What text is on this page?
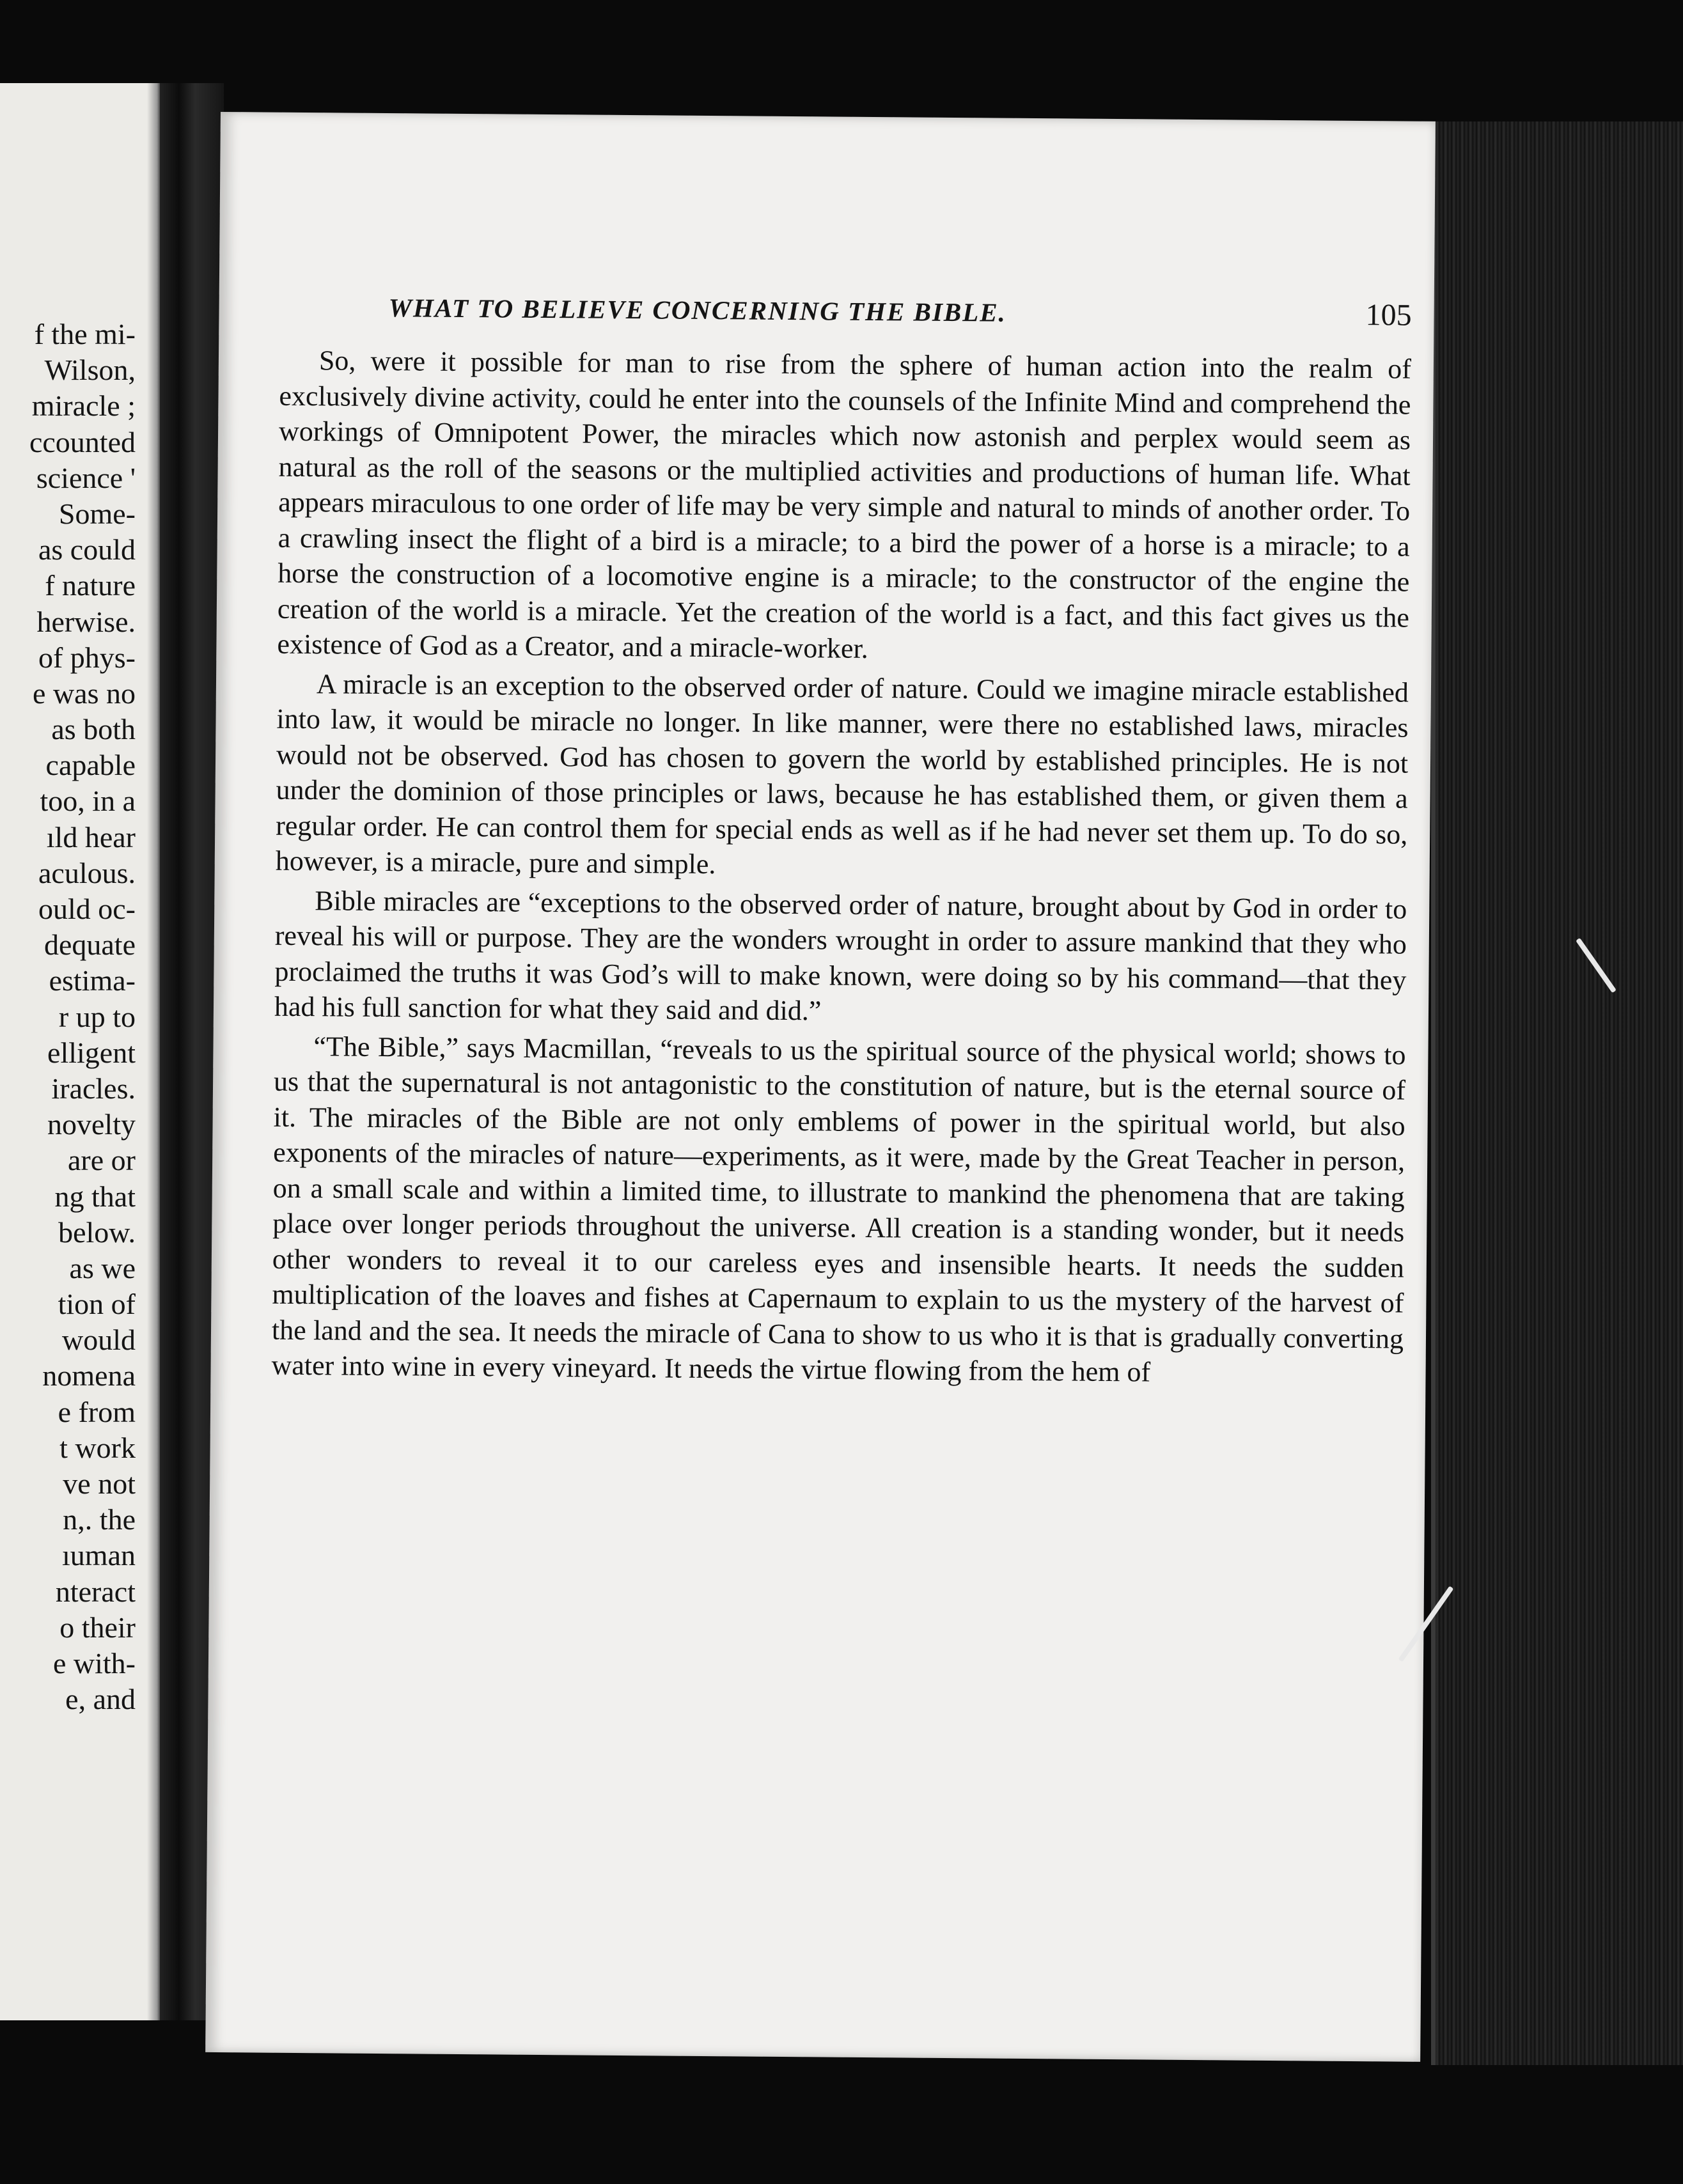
f the mi-
Wilson,
miracle ;
ccounted
science '
Some-
as could
f nature
herwise.
of phys-
e was no
as both
capable
too, in a
ıld hear
aculous.
ould oc-
dequate
estima-
r up to
elligent
iracles.
novelty
are or
ng that
below.
as we
tion of
would
nomena
e from
t work
ve not
n,. the
ıuman
nteract
o their
e with-
e, and
WHAT TO BELIEVE CONCERNING THE BIBLE.	105

So, were it possible for man to rise from the sphere of human action into the realm of exclusively divine activity, could he enter into the counsels of the Infinite Mind and comprehend the workings of Omnipotent Power, the miracles which now astonish and perplex would seem as natural as the roll of the seasons or the multiplied activities and productions of human life. What appears miraculous to one order of life may be very simple and natural to minds of another order. To a crawling insect the flight of a bird is a miracle; to a bird the power of a horse is a miracle; to a horse the construction of a locomotive engine is a miracle; to the constructor of the engine the creation of the world is a miracle. Yet the creation of the world is a fact, and this fact gives us the existence of God as a Creator, and a miracle-worker.

A miracle is an exception to the observed order of nature. Could we imagine miracle established into law, it would be miracle no longer. In like manner, were there no established laws, miracles would not be observed. God has chosen to govern the world by established principles. He is not under the dominion of those principles or laws, because he has established them, or given them a regular order. He can control them for special ends as well as if he had never set them up. To do so, however, is a miracle, pure and simple.

Bible miracles are “exceptions to the observed order of nature, brought about by God in order to reveal his will or purpose. They are the wonders wrought in order to assure mankind that they who proclaimed the truths it was God’s will to make known, were doing so by his command—that they had his full sanction for what they said and did.”

“The Bible,” says Macmillan, “reveals to us the spiritual source of the physical world; shows to us that the supernatural is not antagonistic to the constitution of nature, but is the eternal source of it. The miracles of the Bible are not only emblems of power in the spiritual world, but also exponents of the miracles of nature—experiments, as it were, made by the Great Teacher in person, on a small scale and within a limited time, to illustrate to mankind the phenomena that are taking place over longer periods throughout the universe. All creation is a standing wonder, but it needs other wonders to reveal it to our careless eyes and insensible hearts. It needs the sudden multiplication of the loaves and fishes at Capernaum to explain to us the mystery of the harvest of the land and the sea. It needs the miracle of Cana to show to us who it is that is gradually converting water into wine in every vineyard. It needs the virtue flowing from the hem of
